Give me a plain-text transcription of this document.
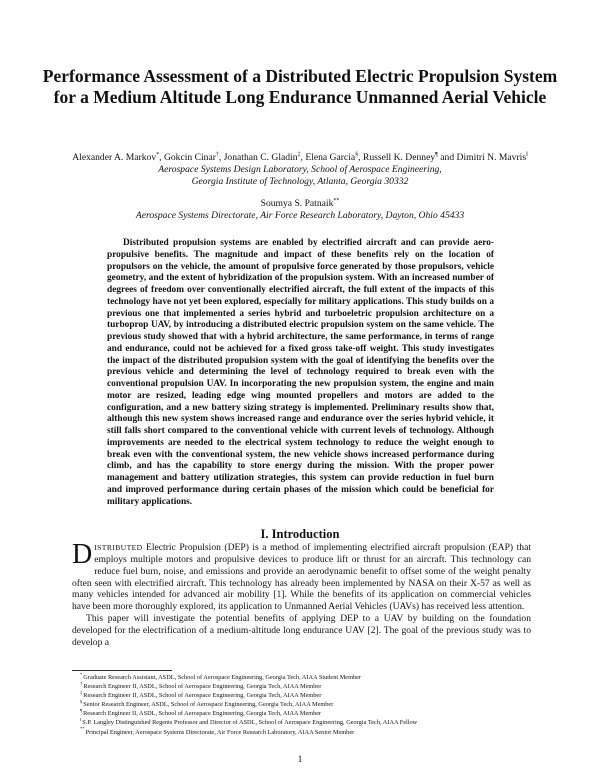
Performance Assessment of a Distributed Electric Propulsion System for a Medium Altitude Long Endurance Unmanned Aerial Vehicle
Alexander A. Markov*, Gokcin Cinar†, Jonathan C. Gladin‡, Elena Garcia§, Russell K. Denney¶ and Dimitri N. Mavris‖
Aerospace Systems Design Laboratory, School of Aerospace Engineering,
Georgia Institute of Technology, Atlanta, Georgia 30332
Soumya S. Patnaik**
Aerospace Systems Directorate, Air Force Research Laboratory, Dayton, Ohio 45433

Distributed propulsion systems are enabled by electrified aircraft and can provide aero-propulsive benefits. The magnitude and impact of these benefits rely on the location of propulsors on the vehicle, the amount of propulsive force generated by those propulsors, vehicle geometry, and the extent of hybridization of the propulsion system. With an increased number of degrees of freedom over conventionally electrified aircraft, the full extent of the impacts of this technology have not yet been explored, especially for military applications. This study builds on a previous one that implemented a series hybrid and turboeletric propulsion architecture on a turboprop UAV, by introducing a distributed electric propulsion system on the same vehicle. The previous study showed that with a hybrid architecture, the same performance, in terms of range and endurance, could not be achieved for a fixed gross take-off weight. This study investigates the impact of the distributed propulsion system with the goal of identifying the benefits over the previous vehicle and determining the level of technology required to break even with the conventional propulsion UAV. In incorporating the new propulsion system, the engine and main motor are resized, leading edge wing mounted propellers and motors are added to the configuration, and a new battery sizing strategy is implemented. Preliminary results show that, although this new system shows increased range and endurance over the series hybrid vehicle, it still falls short compared to the conventional vehicle with current levels of technology. Although improvements are needed to the electrical system technology to reduce the weight enough to break even with the conventional system, the new vehicle shows increased performance during climb, and has the capability to store energy during the mission. With the proper power management and battery utilization strategies, this system can provide reduction in fuel burn and improved performance during certain phases of the mission which could be beneficial for military applications.

I. Introduction

DISTRIBUTED Electric Propulsion (DEP) is a method of implementing electrified aircraft propulsion (EAP) that employs multiple motors and propulsive devices to produce lift or thrust for an aircraft. This technology can reduce fuel burn, noise, and emissions and provide an aerodynamic benefit to offset some of the weight penalty often seen with electrified aircraft. This technology has already been implemented by NASA on their X-57 as well as many vehicles intended for advanced air mobility [1]. While the benefits of its application on commercial vehicles have been more thoroughly explored, its application to Unmanned Aerial Vehicles (UAVs) has received less attention.

This paper will investigate the potential benefits of applying DEP to a UAV by building on the foundation developed for the electrification of a medium-altitude long endurance UAV [2]. The goal of the previous study was to develop a

*Graduate Research Assistant, ASDL, School of Aerospace Engineering, Georgia Tech, AIAA Student Member
†Research Engineer II, ASDL, School of Aerospace Engineering, Georgia Tech, AIAA Member
‡Research Engineer II, ASDL, School of Aerospace Engineering, Georgia Tech, AIAA Member
§Senior Research Engineer, ASDL, School of Aerospace Engineering, Georgia Tech, AIAA Member
¶Research Engineer II, ASDL, School of Aerospace Engineering, Georgia Tech, AIAA Member
‖S.P. Langley Distinguished Regents Professor and Director of ASDL, School of Aerospace Engineering, Georgia Tech, AIAA Fellow
**Principal Engineer, Aerospace Systems Directorate, Air Force Research Laboratory, AIAA Senior Member
1
